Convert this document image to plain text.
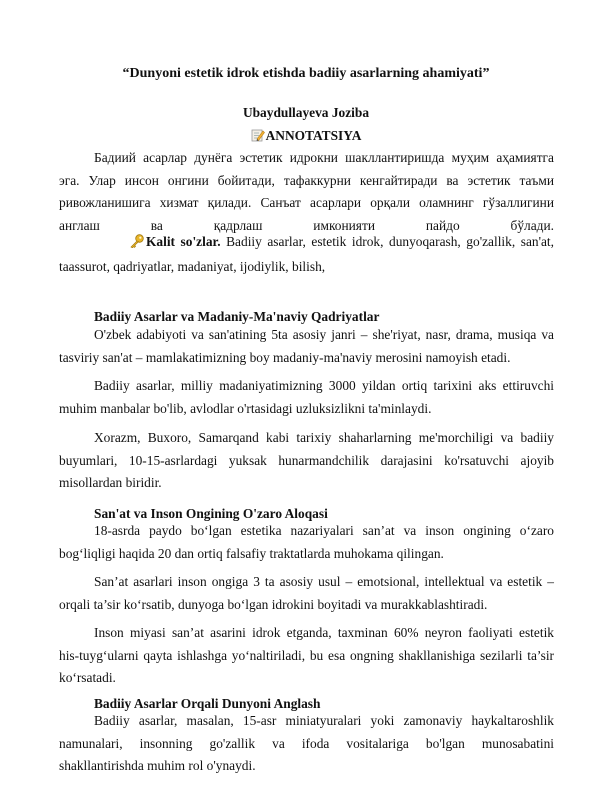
“Dunyoni estetik idrok etishda badiiy asarlarning ahamiyati”
Ubaydullayeva Joziba
ANNOTATSIYA
Бадиий асарлар дунёга эстетик идрокни шакллантиришда муҳим аҳамиятга
эга. Улар инсон онгини бойитади, тафаккурни кенгайтиради ва эстетик таъми
ривожланишига хизмат қилади. Санъат асарлари орқали оламнинг гўзаллигини
англаш ва қадрлаш имконияти пайдо бўлади.
Kalit so'zlar. Badiiy asarlar, estetik idrok, dunyoqarash, go'zallik, san'at,
taassurot, qadriyatlar, madaniyat, ijodiylik, bilish,
Badiiy Asarlar va Madaniy-Ma'naviy Qadriyatlar
O'zbek adabiyoti va san'atining 5ta asosiy janri – she'riyat, nasr, drama, musiqa va
tasviriy san'at – mamlakatimizning boy madaniy-ma'naviy merosini namoyish etadi.
Badiiy asarlar, milliy madaniyatimizning 3000 yildan ortiq tarixini aks ettiruvchi
muhim manbalar bo'lib, avlodlar o'rtasidagi uzluksizlikni ta'minlaydi.
Xorazm, Buxoro, Samarqand kabi tarixiy shaharlarning me'morchiligi va badiiy
buyumlari, 10-15-asrlardagi yuksak hunarmandchilik darajasini ko'rsatuvchi ajoyib
misollardan biridir.
San'at va Inson Ongining O'zaro Aloqasi
18-asrda paydo bo‘lgan estetika nazariyalari san’at va inson ongining o‘zaro
bog‘liqligi haqida 20 dan ortiq falsafiy traktatlarda muhokama qilingan.
San’at asarlari inson ongiga 3 ta asosiy usul – emotsional, intellektual va estetik –
orqali ta’sir ko‘rsatib, dunyoga bo‘lgan idrokini boyitadi va murakkablashtiradi.
Inson miyasi san’at asarini idrok etganda, taxminan 60% neyron faoliyati estetik
his-tuyg‘ularni qayta ishlashga yo‘naltiriladi, bu esa ongning shakllanishiga sezilarli ta’sir
ko‘rsatadi.
Badiiy Asarlar Orqali Dunyoni Anglash
Badiiy asarlar, masalan, 15-asr miniatyuralari yoki zamonaviy haykaltaroshlik
namunalari, insonning go'zallik va ifoda vositalariga bo'lgan munosabatini
shakllantirishda muhim rol o'ynaydi.
